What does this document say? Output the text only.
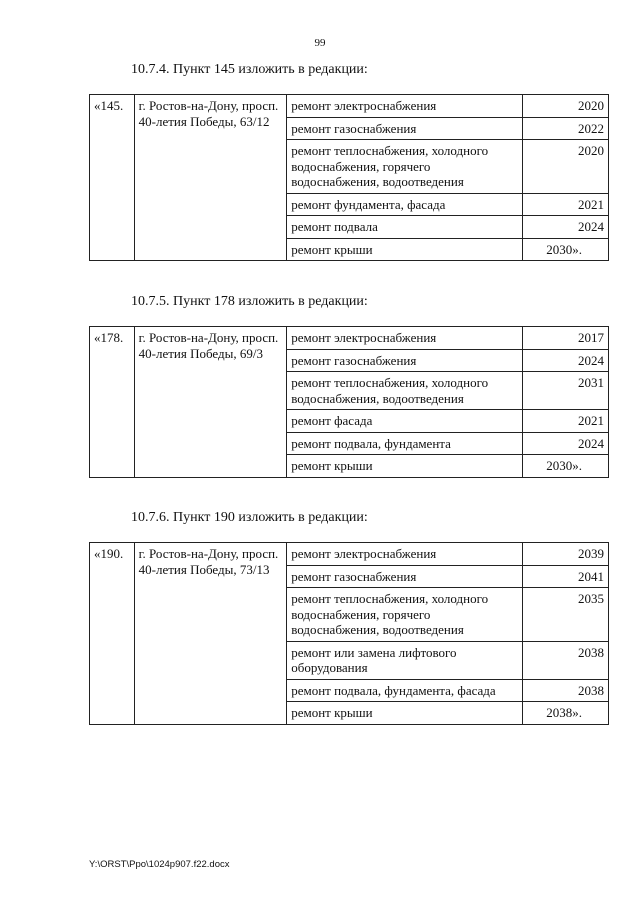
99
10.7.4. Пункт 145 изложить в редакции:
«145.	г. Ростов-на-Дону, просп. 40-летия Победы, 63/12	ремонт электроснабжения	2020
		ремонт газоснабжения	2022
		ремонт теплоснабжения, холодного водоснабжения, горячего водоснабжения, водоотведения	2020
		ремонт фундамента, фасада	2021
		ремонт подвала	2024
		ремонт крыши	2030».
10.7.5. Пункт 178 изложить в редакции:
«178.	г. Ростов-на-Дону, просп. 40-летия Победы, 69/3	ремонт электроснабжения	2017
		ремонт газоснабжения	2024
		ремонт теплоснабжения, холодного водоснабжения, водоотведения	2031
		ремонт фасада	2021
		ремонт подвала, фундамента	2024
		ремонт крыши	2030».
10.7.6. Пункт 190 изложить в редакции:
«190.	г. Ростов-на-Дону, просп. 40-летия Победы, 73/13	ремонт электроснабжения	2039
		ремонт газоснабжения	2041
		ремонт теплоснабжения, холодного водоснабжения, горячего водоснабжения, водоотведения	2035
		ремонт или замена лифтового оборудования	2038
		ремонт подвала, фундамента, фасада	2038
		ремонт крыши	2038».
Y:\ORST\Ppo\1024p907.f22.docx
